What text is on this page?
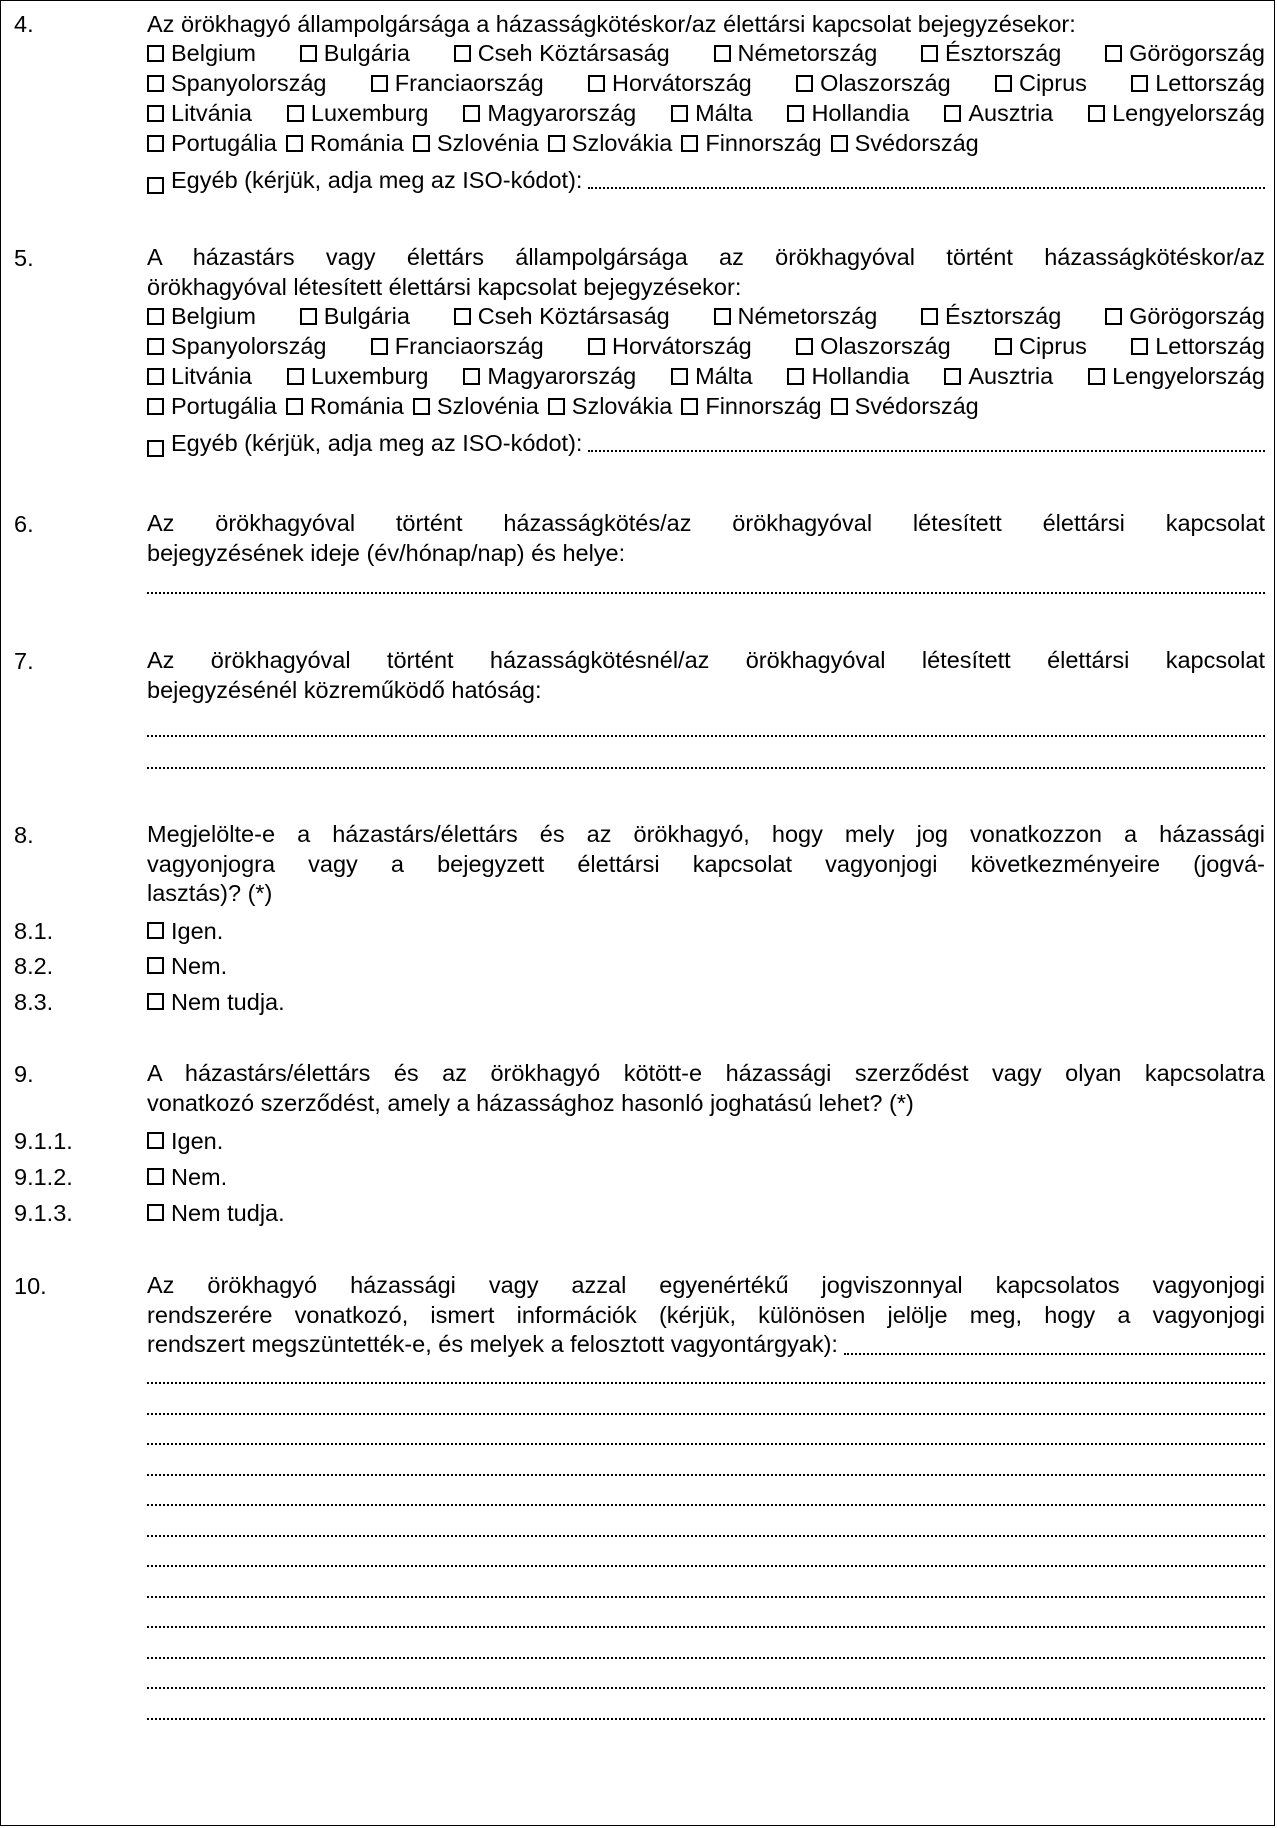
4.	Az örökhagyó állampolgársága a házasságkötéskor/az élettársi kapcsolat bejegyzésekor:
Belgium	Bulgária	Cseh Köztársaság	Németország	Észtország	Görögország
Spanyolország	Franciaország	Horvátország	Olaszország	Ciprus	Lettország
Litvánia	Luxemburg	Magyarország	Málta	Hollandia	Ausztria	Lengyelország
Portugália Románia Szlovénia Szlovákia Finnország Svédország
Egyéb (kérjük, adja meg az ISO-kódot):
5.	A házastárs vagy élettárs állampolgársága az örökhagyóval történt házasságkötéskor/az
örökhagyóval létesített élettársi kapcsolat bejegyzésekor:
Belgium	Bulgária	Cseh Köztársaság	Németország	Észtország	Görögország
Spanyolország	Franciaország	Horvátország	Olaszország	Ciprus	Lettország
Litvánia	Luxemburg	Magyarország	Málta	Hollandia	Ausztria	Lengyelország
Portugália Románia Szlovénia Szlovákia Finnország Svédország
Egyéb (kérjük, adja meg az ISO-kódot):
6.	Az örökhagyóval történt házasságkötés/az örökhagyóval létesített élettársi kapcsolat
bejegyzésének ideje (év/hónap/nap) és helye:
7.	Az örökhagyóval történt házasságkötésnél/az örökhagyóval létesített élettársi kapcsolat
bejegyzésénél közreműködő hatóság:
8.	Megjelölte-e a házastárs/élettárs és az örökhagyó, hogy mely jog vonatkozzon a házassági
vagyonjogra vagy a bejegyzett élettársi kapcsolat vagyonjogi következményeire (jogvá-
lasztás)? (*)
8.1.	Igen.
8.2.	Nem.
8.3.	Nem tudja.
9.	A házastárs/élettárs és az örökhagyó kötött-e házassági szerződést vagy olyan kapcsolatra
vonatkozó szerződést, amely a házassághoz hasonló joghatású lehet? (*)
9.1.1.	Igen.
9.1.2.	Nem.
9.1.3.	Nem tudja.
10.	Az örökhagyó házassági vagy azzal egyenértékű jogviszonnyal kapcsolatos vagyonjogi
rendszerére vonatkozó, ismert információk (kérjük, különösen jelölje meg, hogy a vagyonjogi
rendszert megszüntették-e, és melyek a felosztott vagyontárgyak):
